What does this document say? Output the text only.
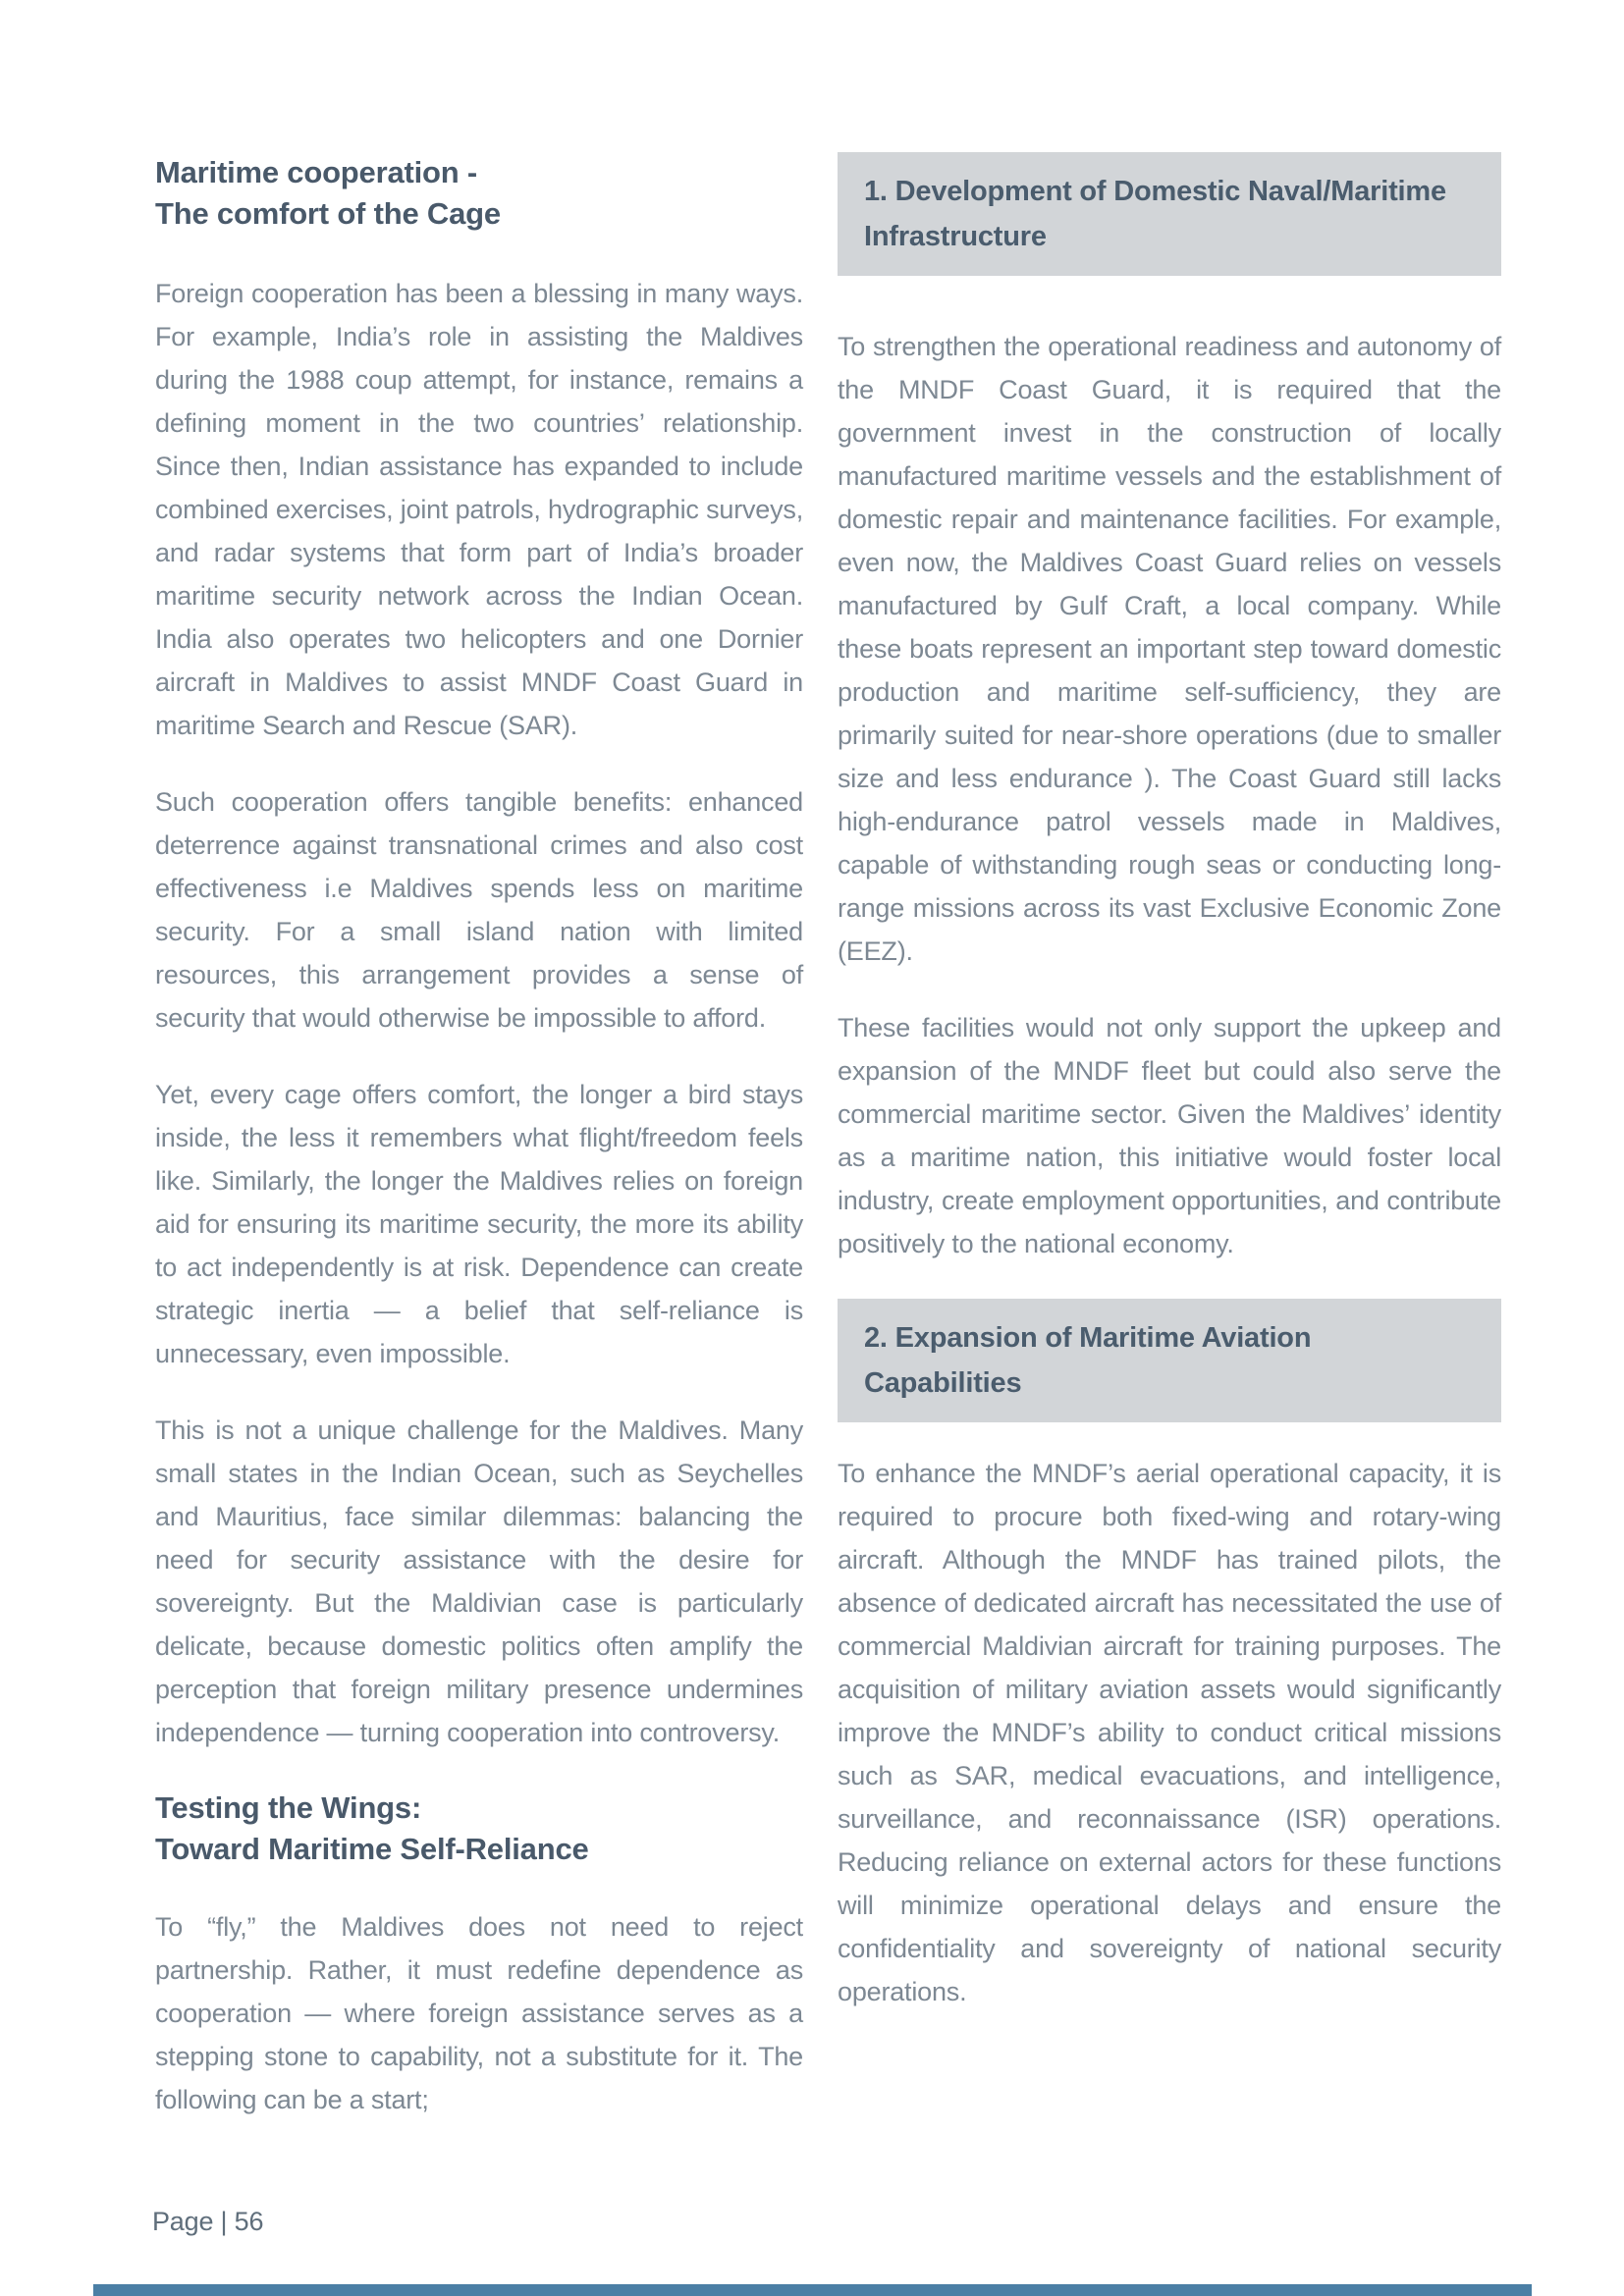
Maritime cooperation -
The comfort of the Cage

Foreign cooperation has been a blessing in many ways. For example, India’s role in assisting the Maldives during the 1988 coup attempt, for instance, remains a defining moment in the two countries’ relationship. Since then, Indian assistance has expanded to include combined exercises, joint patrols, hydrographic surveys, and radar systems that form part of India’s broader maritime security network across the Indian Ocean. India also operates two helicopters and one Dornier aircraft in Maldives to assist MNDF Coast Guard in maritime Search and Rescue (SAR).

Such cooperation offers tangible benefits: enhanced deterrence against transnational crimes and also cost effectiveness i.e Maldives spends less on maritime security. For a small island nation with limited resources, this arrangement provides a sense of security that would otherwise be impossible to afford.

Yet, every cage offers comfort, the longer a bird stays inside, the less it remembers what flight/freedom feels like. Similarly, the longer the Maldives relies on foreign aid for ensuring its maritime security, the more its ability to act independently is at risk. Dependence can create strategic inertia — a belief that self-reliance is unnecessary, even impossible.

This is not a unique challenge for the Maldives. Many small states in the Indian Ocean, such as Seychelles and Mauritius, face similar dilemmas: balancing the need for security assistance with the desire for sovereignty. But the Maldivian case is particularly delicate, because domestic politics often amplify the perception that foreign military presence undermines independence — turning cooperation into controversy.

Testing the Wings:
Toward Maritime Self-Reliance

To “fly,” the Maldives does not need to reject partnership. Rather, it must redefine dependence as cooperation — where foreign assistance serves as a stepping stone to capability, not a substitute for it. The following can be a start;

1. Development of Domestic Naval/Maritime Infrastructure

To strengthen the operational readiness and autonomy of the MNDF Coast Guard, it is required that the government invest in the construction of locally manufactured maritime vessels and the establishment of domestic repair and maintenance facilities. For example, even now, the Maldives Coast Guard relies on vessels manufactured by Gulf Craft, a local company. While these boats represent an important step toward domestic production and maritime self-sufficiency, they are primarily suited for near-shore operations (due to smaller size and less endurance ). The Coast Guard still lacks high-endurance patrol vessels made in Maldives, capable of withstanding rough seas or conducting long-range missions across its vast Exclusive Economic Zone (EEZ).

These facilities would not only support the upkeep and expansion of the MNDF fleet but could also serve the commercial maritime sector. Given the Maldives’ identity as a maritime nation, this initiative would foster local industry, create employment opportunities, and contribute positively to the national economy.

2. Expansion of Maritime Aviation Capabilities

To enhance the MNDF’s aerial operational capacity, it is required to procure both fixed-wing and rotary-wing aircraft. Although the MNDF has trained pilots, the absence of dedicated aircraft has necessitated the use of commercial Maldivian aircraft for training purposes. The acquisition of military aviation assets would significantly improve the MNDF’s ability to conduct critical missions such as SAR, medical evacuations, and intelligence, surveillance, and reconnaissance (ISR) operations. Reducing reliance on external actors for these functions will minimize operational delays and ensure the confidentiality and sovereignty of national security operations.

Page | 56
